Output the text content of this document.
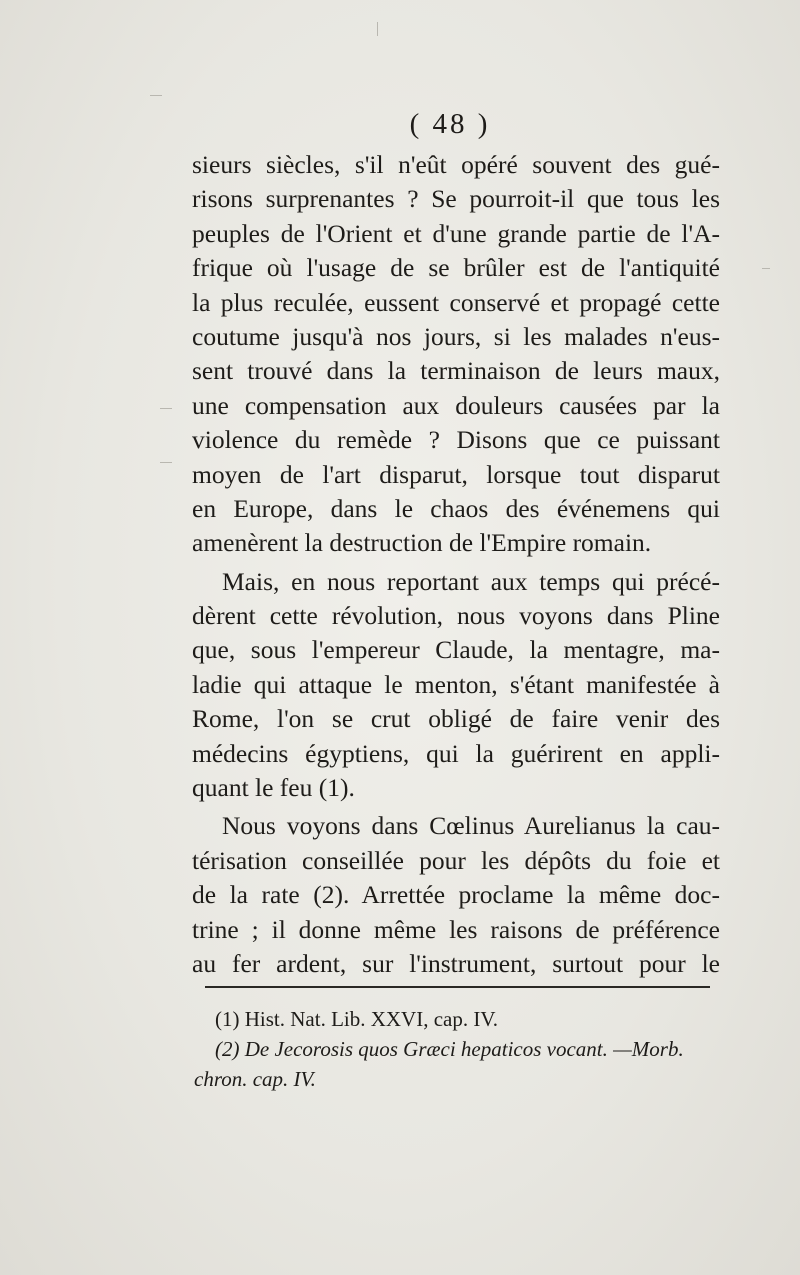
( 48 )
sieurs siècles, s'il n'eût opéré souvent des gué-
risons surprenantes ? Se pourroit-il que tous les
peuples de l'Orient et d'une grande partie de l'A-
frique où l'usage de se brûler est de l'antiquité
la plus reculée, eussent conservé et propagé cette
coutume jusqu'à nos jours, si les malades n'eus-
sent trouvé dans la terminaison de leurs maux,
une compensation aux douleurs causées par la
violence du remède ? Disons que ce puissant
moyen de l'art disparut, lorsque tout disparut
en Europe, dans le chaos des événemens qui
amenèrent la destruction de l'Empire romain.
Mais, en nous reportant aux temps qui précé-
dèrent cette révolution, nous voyons dans Pline
que, sous l'empereur Claude, la mentagre, ma-
ladie qui attaque le menton, s'étant manifestée à
Rome, l'on se crut obligé de faire venir des
médecins égyptiens, qui la guérirent en appli-
quant le feu (1).
Nous voyons dans Cœlinus Aurelianus la cau-
térisation conseillée pour les dépôts du foie et
de la rate (2). Arrettée proclame la même doc-
trine ; il donne même les raisons de préférence
au fer ardent, sur l'instrument, surtout pour le
(1) Hist. Nat. Lib. XXVI, cap. IV.
(2) De Jecorosis quos Græci hepaticos vocant. —Morb.
chron. cap. IV.
